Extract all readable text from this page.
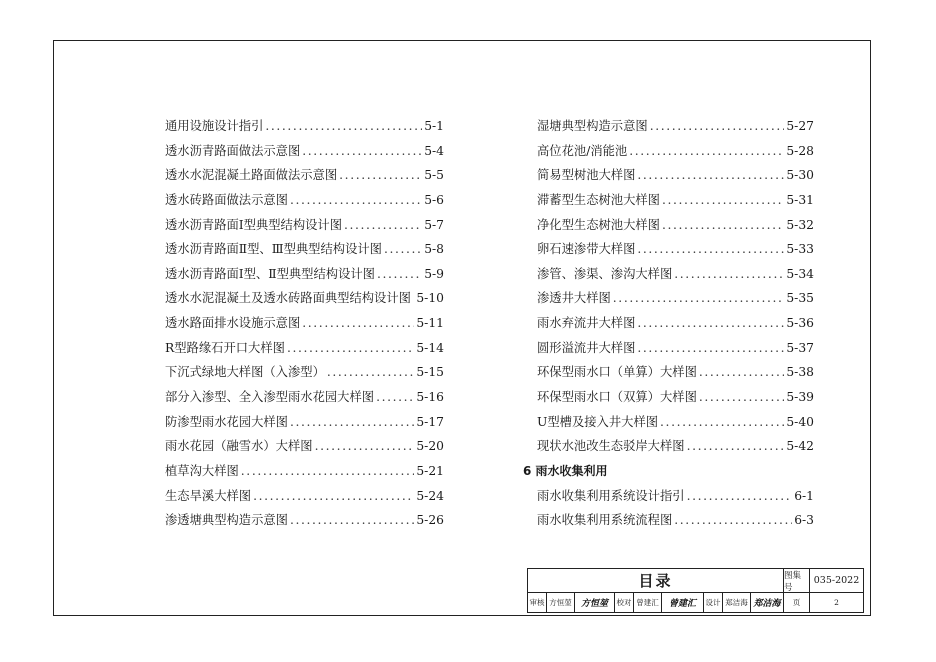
通用设施设计指引 .....	5-1
透水沥青路面做法示意图 .....	5-4
透水水泥混凝土路面做法示意图 .....	5-5
透水砖路面做法示意图 .....	5-6
透水沥青路面Ⅰ型典型结构设计图 .....	5-7
透水沥青路面Ⅱ型、Ⅲ型典型结构设计图 .....	5-8
透水沥青路面Ⅰ型、Ⅱ型典型结构设计图 .....	5-9
透水水泥混凝土及透水砖路面典型结构设计图 ..... 5-10
透水路面排水设施示意图 .....	5-11
R型路缘石开口大样图 .....	5-14
下沉式绿地大样图（入渗型） .....	5-15
部分入渗型、全入渗型雨水花园大样图 .....	5-16
防渗型雨水花园大样图 .....	5-17
雨水花园（融雪水）大样图 .....	5-20
植草沟大样图 .....	5-21
生态旱溪大样图 .....	5-24
渗透塘典型构造示意图 .....	5-26
湿塘典型构造示意图 .....	5-27
高位花池/消能池 .....	5-28
简易型树池大样图 .....	5-30
滞蓄型生态树池大样图 .....	5-31
净化型生态树池大样图 .....	5-32
卵石速渗带大样图 .....	5-33
渗管、渗渠、渗沟大样图 .....	5-34
渗透井大样图 .....	5-35
雨水弃流井大样图 .....	5-36
圆形溢流井大样图 .....	5-37
环保型雨水口（单算）大样图 .....	5-38
环保型雨水口（双算）大样图 .....	5-39
U型槽及接入井大样图 .....	5-40
现状水池改生态驳岸大样图 .....	5-42
6 雨水收集利用
雨水收集利用系统设计指引 .....	6-1
雨水收集利用系统流程图 .....	6-3
目录	图集号
035-2022
审核 方恒堃	方恒堃	校对 曾建汇	曾建汇	设计 郑洁海 郑洁海	页	2
